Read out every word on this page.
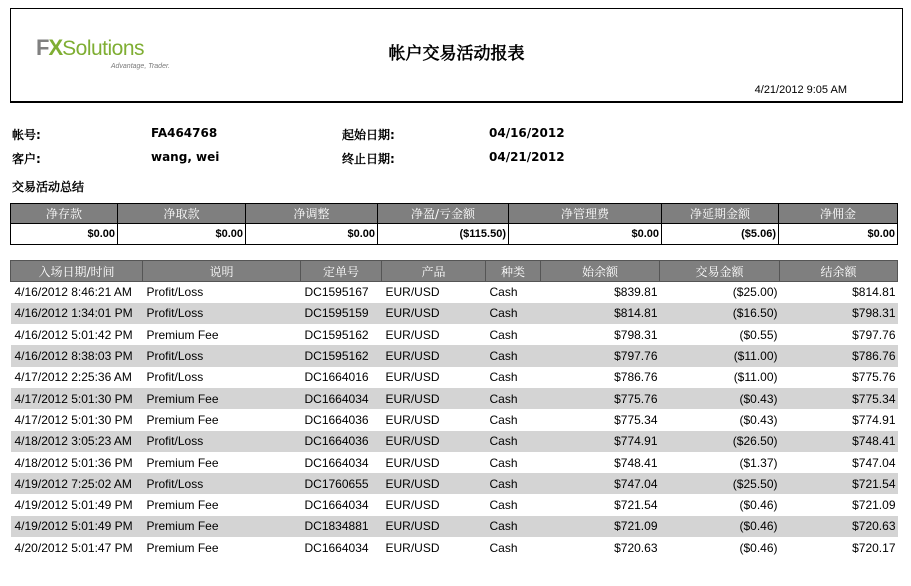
FXSolutions
Advantage, Trader.
帐户交易活动报表
4/21/2012 9:05 AM
帐号:	FA464768	起始日期:	04/16/2012
客户:	wang, wei	终止日期:	04/21/2012
交易活动总结
净存款	净取款	净调整	净盈/亏金额	净管理费	净延期金额	净佣金
$0.00	$0.00	$0.00	($115.50)	$0.00	($5.06)	$0.00
入场日期/时间	说明	定单号	产品	种类	始余额	交易金额	结余额
4/16/2012 8:46:21 AM	Profit/Loss	DC1595167	EUR/USD	Cash	$839.81	($25.00)	$814.81
4/16/2012 1:34:01 PM	Profit/Loss	DC1595159	EUR/USD	Cash	$814.81	($16.50)	$798.31
4/16/2012 5:01:42 PM	Premium Fee	DC1595162	EUR/USD	Cash	$798.31	($0.55)	$797.76
4/16/2012 8:38:03 PM	Profit/Loss	DC1595162	EUR/USD	Cash	$797.76	($11.00)	$786.76
4/17/2012 2:25:36 AM	Profit/Loss	DC1664016	EUR/USD	Cash	$786.76	($11.00)	$775.76
4/17/2012 5:01:30 PM	Premium Fee	DC1664034	EUR/USD	Cash	$775.76	($0.43)	$775.34
4/17/2012 5:01:30 PM	Premium Fee	DC1664036	EUR/USD	Cash	$775.34	($0.43)	$774.91
4/18/2012 3:05:23 AM	Profit/Loss	DC1664036	EUR/USD	Cash	$774.91	($26.50)	$748.41
4/18/2012 5:01:36 PM	Premium Fee	DC1664034	EUR/USD	Cash	$748.41	($1.37)	$747.04
4/19/2012 7:25:02 AM	Profit/Loss	DC1760655	EUR/USD	Cash	$747.04	($25.50)	$721.54
4/19/2012 5:01:49 PM	Premium Fee	DC1664034	EUR/USD	Cash	$721.54	($0.46)	$721.09
4/19/2012 5:01:49 PM	Premium Fee	DC1834881	EUR/USD	Cash	$721.09	($0.46)	$720.63
4/20/2012 5:01:47 PM	Premium Fee	DC1664034	EUR/USD	Cash	$720.63	($0.46)	$720.17
